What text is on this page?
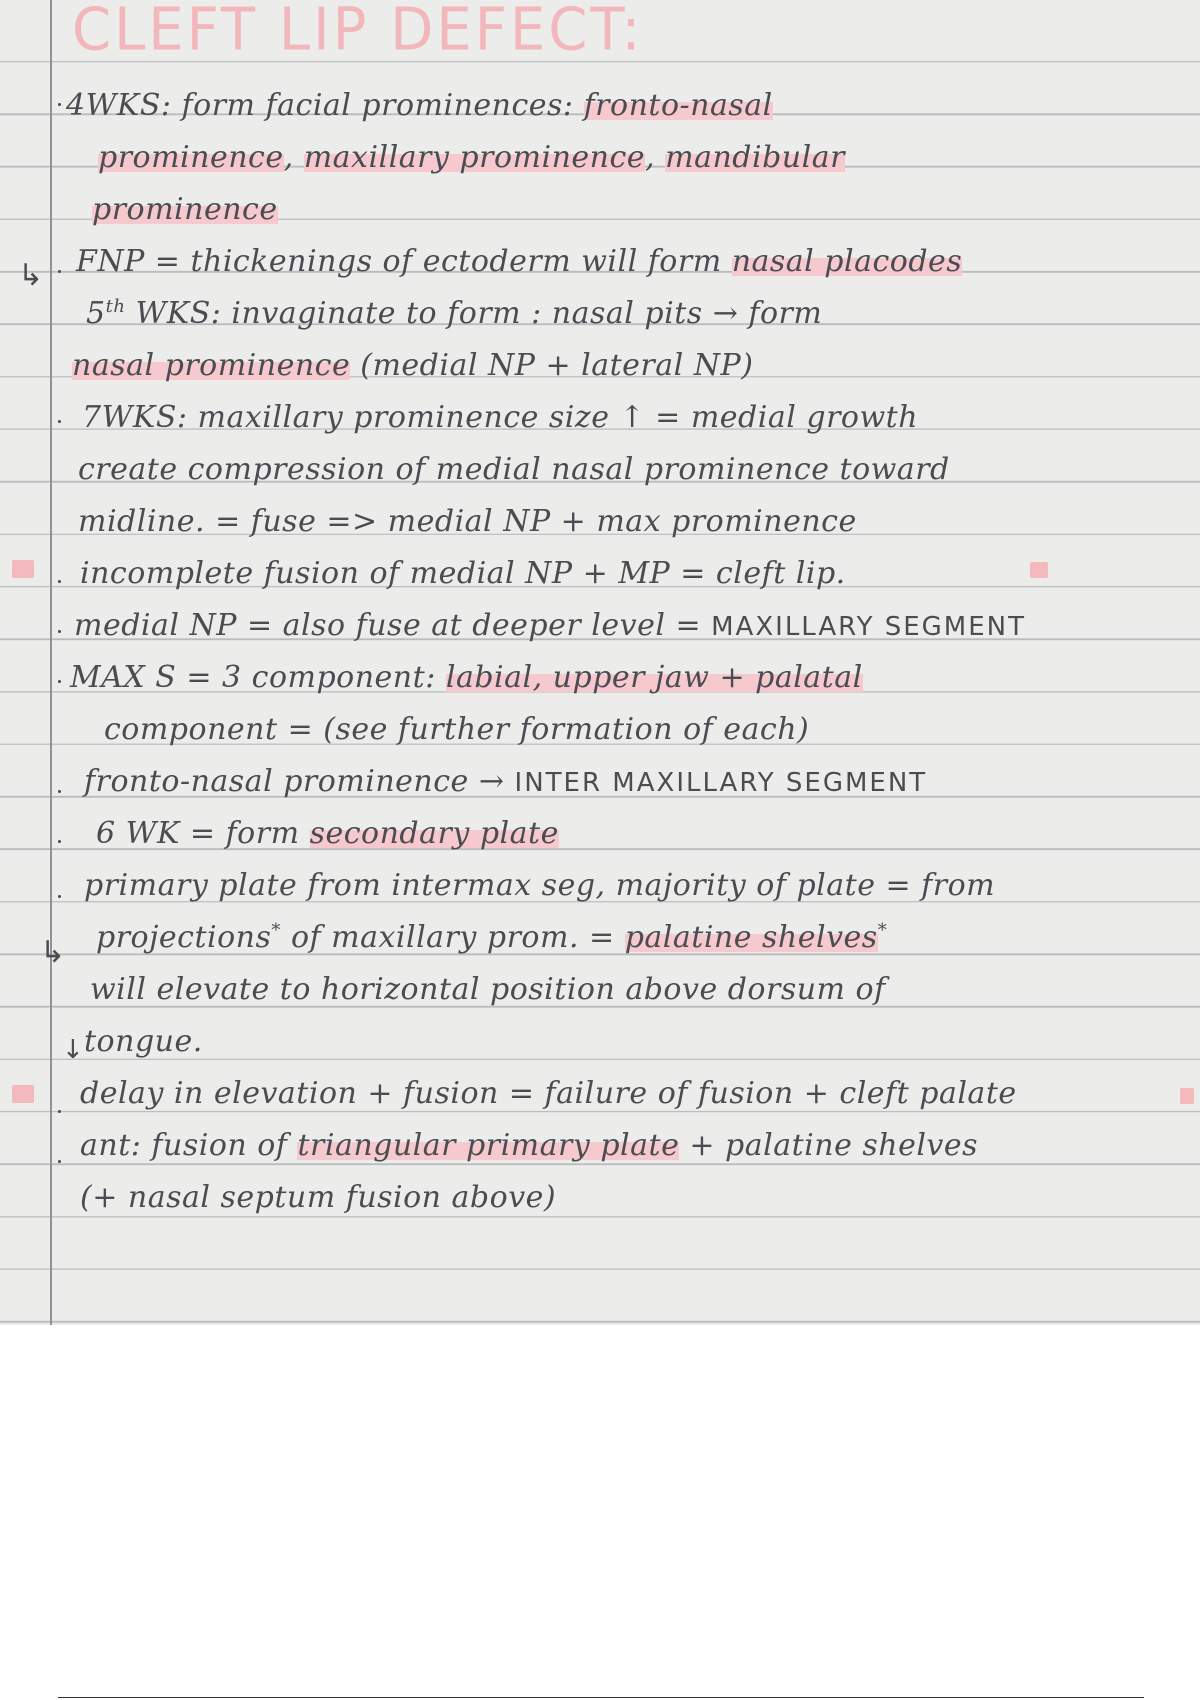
CLEFT LIP DEFECT:
↳
↳
↓
4WKS: form facial prominences: fronto-nasal
prominence, maxillary prominence, mandibular
prominence
FNP = thickenings of ectoderm will form nasal placodes
5th WKS: invaginate to form : nasal pits → form
nasal prominence (medial NP + lateral NP)
7WKS: maxillary prominence size ↑ = medial growth
create compression of medial nasal prominence toward
midline. = fuse => medial NP + max prominence
incomplete fusion of medial NP + MP = cleft lip.
medial NP = also fuse at deeper level = MAXILLARY SEGMENT
MAX S = 3 component: labial, upper jaw + palatal
component = (see further formation of each)
fronto-nasal prominence → INTER MAXILLARY SEGMENT
6 WK = form secondary plate
primary plate from intermax seg, majority of plate = from
projections* of maxillary prom. = palatine shelves*
will elevate to horizontal position above dorsum of
tongue.
delay in elevation + fusion = failure of fusion + cleft palate
ant: fusion of triangular primary plate + palatine shelves
(+ nasal septum fusion above)
